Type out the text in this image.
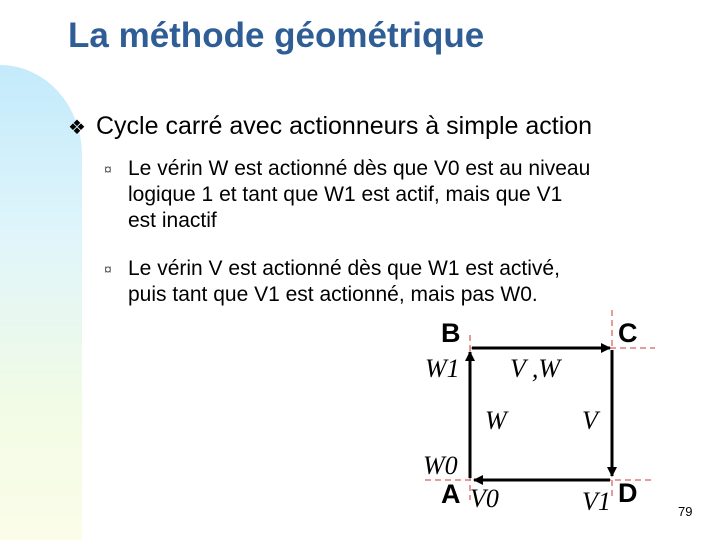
La méthode géométrique
❖ Cycle carré avec actionneurs à simple action
¤ Le vérin W est actionné dès que V0 est au niveau
logique 1 et tant que W1 est actif, mais que V1
est inactif
¤ Le vérin V est actionné dès que W1 est activé,
puis tant que V1 est actionné, mais pas W0.
B	C
A	D
W1 V ,W
W	V
W0
V0	V1	79
